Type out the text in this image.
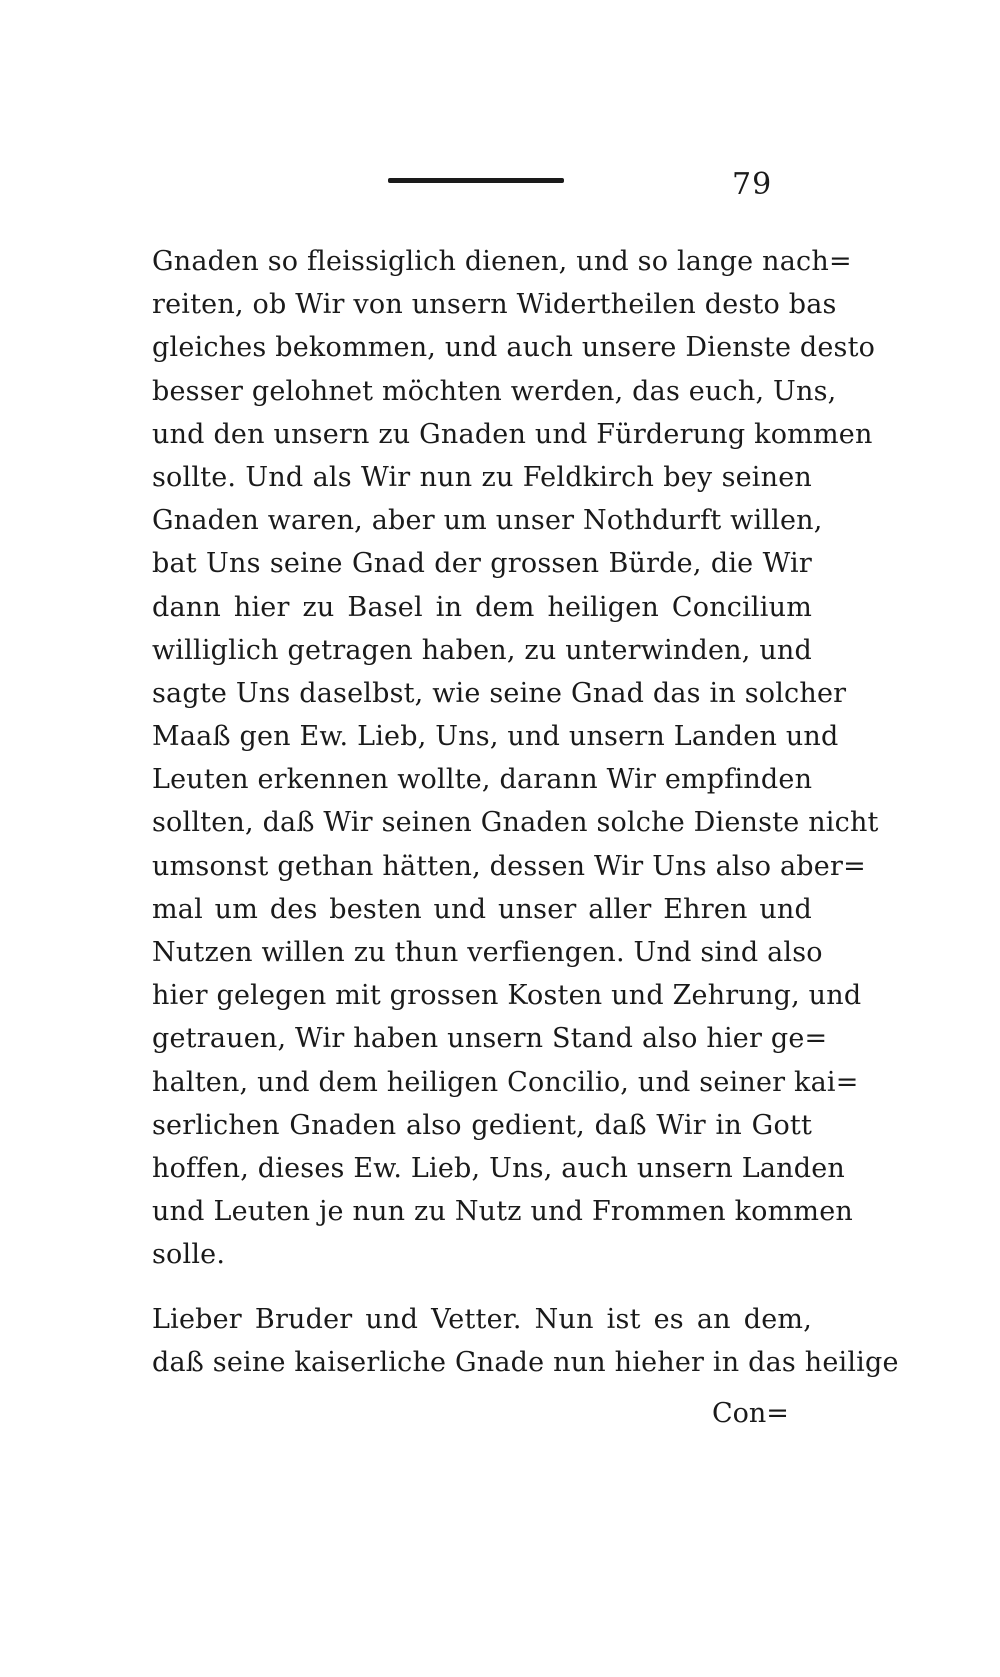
79
Gnaden so fleissiglich dienen, und so lange nach=
reiten, ob Wir von unsern Widertheilen desto bas
gleiches bekommen, und auch unsere Dienste desto
besser gelohnet möchten werden, das euch, Uns,
und den unsern zu Gnaden und Fürderung kommen
sollte. Und als Wir nun zu Feldkirch bey seinen
Gnaden waren, aber um unser Nothdurft willen,
bat Uns seine Gnad der grossen Bürde, die Wir
dann hier zu Basel in dem heiligen Concilium
williglich getragen haben, zu unterwinden, und
sagte Uns daselbst, wie seine Gnad das in solcher
Maaß gen Ew. Lieb, Uns, und unsern Landen und
Leuten erkennen wollte, darann Wir empfinden
sollten, daß Wir seinen Gnaden solche Dienste nicht
umsonst gethan hätten, dessen Wir Uns also aber=
mal um des besten und unser aller Ehren und
Nutzen willen zu thun verfiengen. Und sind also
hier gelegen mit grossen Kosten und Zehrung, und
getrauen, Wir haben unsern Stand also hier ge=
halten, und dem heiligen Concilio, und seiner kai=
serlichen Gnaden also gedient, daß Wir in Gott
hoffen, dieses Ew. Lieb, Uns, auch unsern Landen
und Leuten je nun zu Nutz und Frommen kommen
solle.
Lieber Bruder und Vetter. Nun ist es an dem,
daß seine kaiserliche Gnade nun hieher in das heilige
Con=
